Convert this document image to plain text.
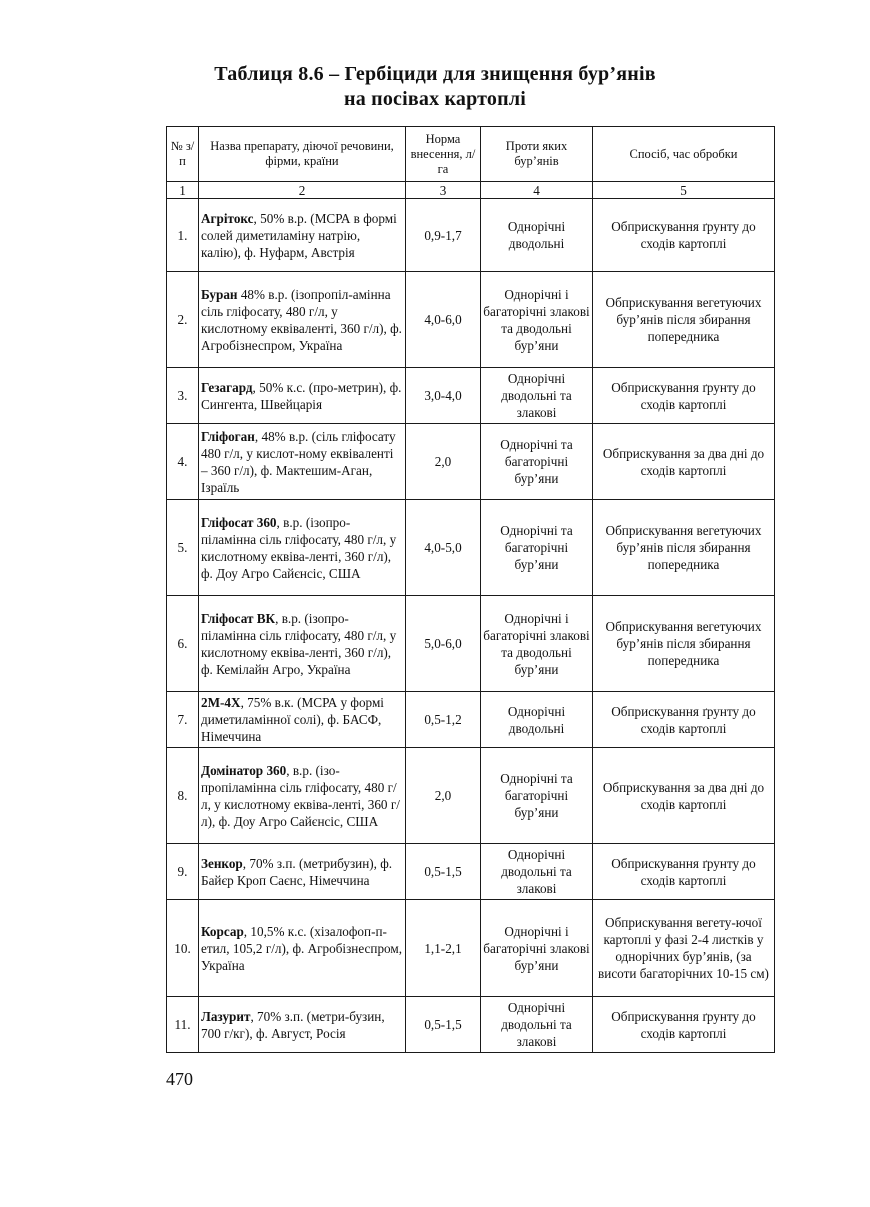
Таблиця 8.6 – Гербіциди для знищення бур’янів
на посівах картоплі
№ з/п	Назва препарату, діючої речовини, фірми, країни	Норма внесення, л/га	Проти яких бур’янів	Спосіб, час обробки
1	2	3	4	5
1.	Агрітокс, 50% в.р. (МСРА в формі солей диметиламіну натрію, калію), ф. Нуфарм, Австрія	0,9-1,7	Однорічні дводольні	Обприскування ґрунту до сходів картоплі
2.	Буран 48% в.р. (ізопропіл-амінна сіль гліфосату, 480 г/л, у кислотному еквіваленті, 360 г/л), ф. Агробізнеспром, Україна	4,0-6,0	Однорічні і багаторічні злакові та дводольні бур’яни	Обприскування вегетуючих бур’янів після збирання попередника
3.	Гезагард, 50% к.с. (про-метрин), ф. Сингента, Швейцарія	3,0-4,0	Однорічні дводольні та злакові	Обприскування ґрунту до сходів картоплі
4.	Гліфоган, 48% в.р. (сіль гліфосату 480 г/л, у кислот-ному еквіваленті – 360 г/л), ф. Мактешим-Аган, Ізраїль	2,0	Однорічні та багаторічні бур’яни	Обприскування за два дні до сходів картоплі
5.	Гліфосат 360, в.р. (ізопро-піламінна сіль гліфосату, 480 г/л, у кислотному еквіва-ленті, 360 г/л), ф. Доу Агро Сайєнсіс, США	4,0-5,0	Однорічні та багаторічні бур’яни	Обприскування вегетуючих бур’янів після збирання попередника
6.	Гліфосат ВК, в.р. (ізопро-піламінна сіль гліфосату, 480 г/л, у кислотному еквіва-ленті, 360 г/л), ф. Кемілайн Агро, Україна	5,0-6,0	Однорічні і багаторічні злакові та дводольні бур’яни	Обприскування вегетуючих бур’янів після збирання попередника
7.	2М-4Х, 75% в.к. (МСРА у формі диметиламінної солі), ф. БАСФ, Німеччина	0,5-1,2	Однорічні дводольні	Обприскування ґрунту до сходів картоплі
8.	Домінатор 360, в.р. (ізо-пропіламінна сіль гліфосату, 480 г/л, у кислотному еквіва-ленті, 360 г/л), ф. Доу Агро Сайєнсіс, США	2,0	Однорічні та багаторічні бур’яни	Обприскування за два дні до сходів картоплі
9.	Зенкор, 70% з.п. (метрибузин), ф. Байєр Кроп Саєнс, Німеччина	0,5-1,5	Однорічні дводольні та злакові	Обприскування ґрунту до сходів картоплі
10.	Корсар, 10,5% к.с. (хізалофоп-п-етил, 105,2 г/л), ф. Агробізнеспром, Україна	1,1-2,1	Однорічні і багаторічні злакові бур’яни	Обприскування вегету-ючої картоплі у фазі 2-4 листків у однорічних бур’янів, (за висоти багаторічних 10-15 см)
11.	Лазурит, 70% з.п. (метри-бузин, 700 г/кг), ф. Август, Росія	0,5-1,5	Однорічні дводольні та злакові	Обприскування ґрунту до сходів картоплі
470
